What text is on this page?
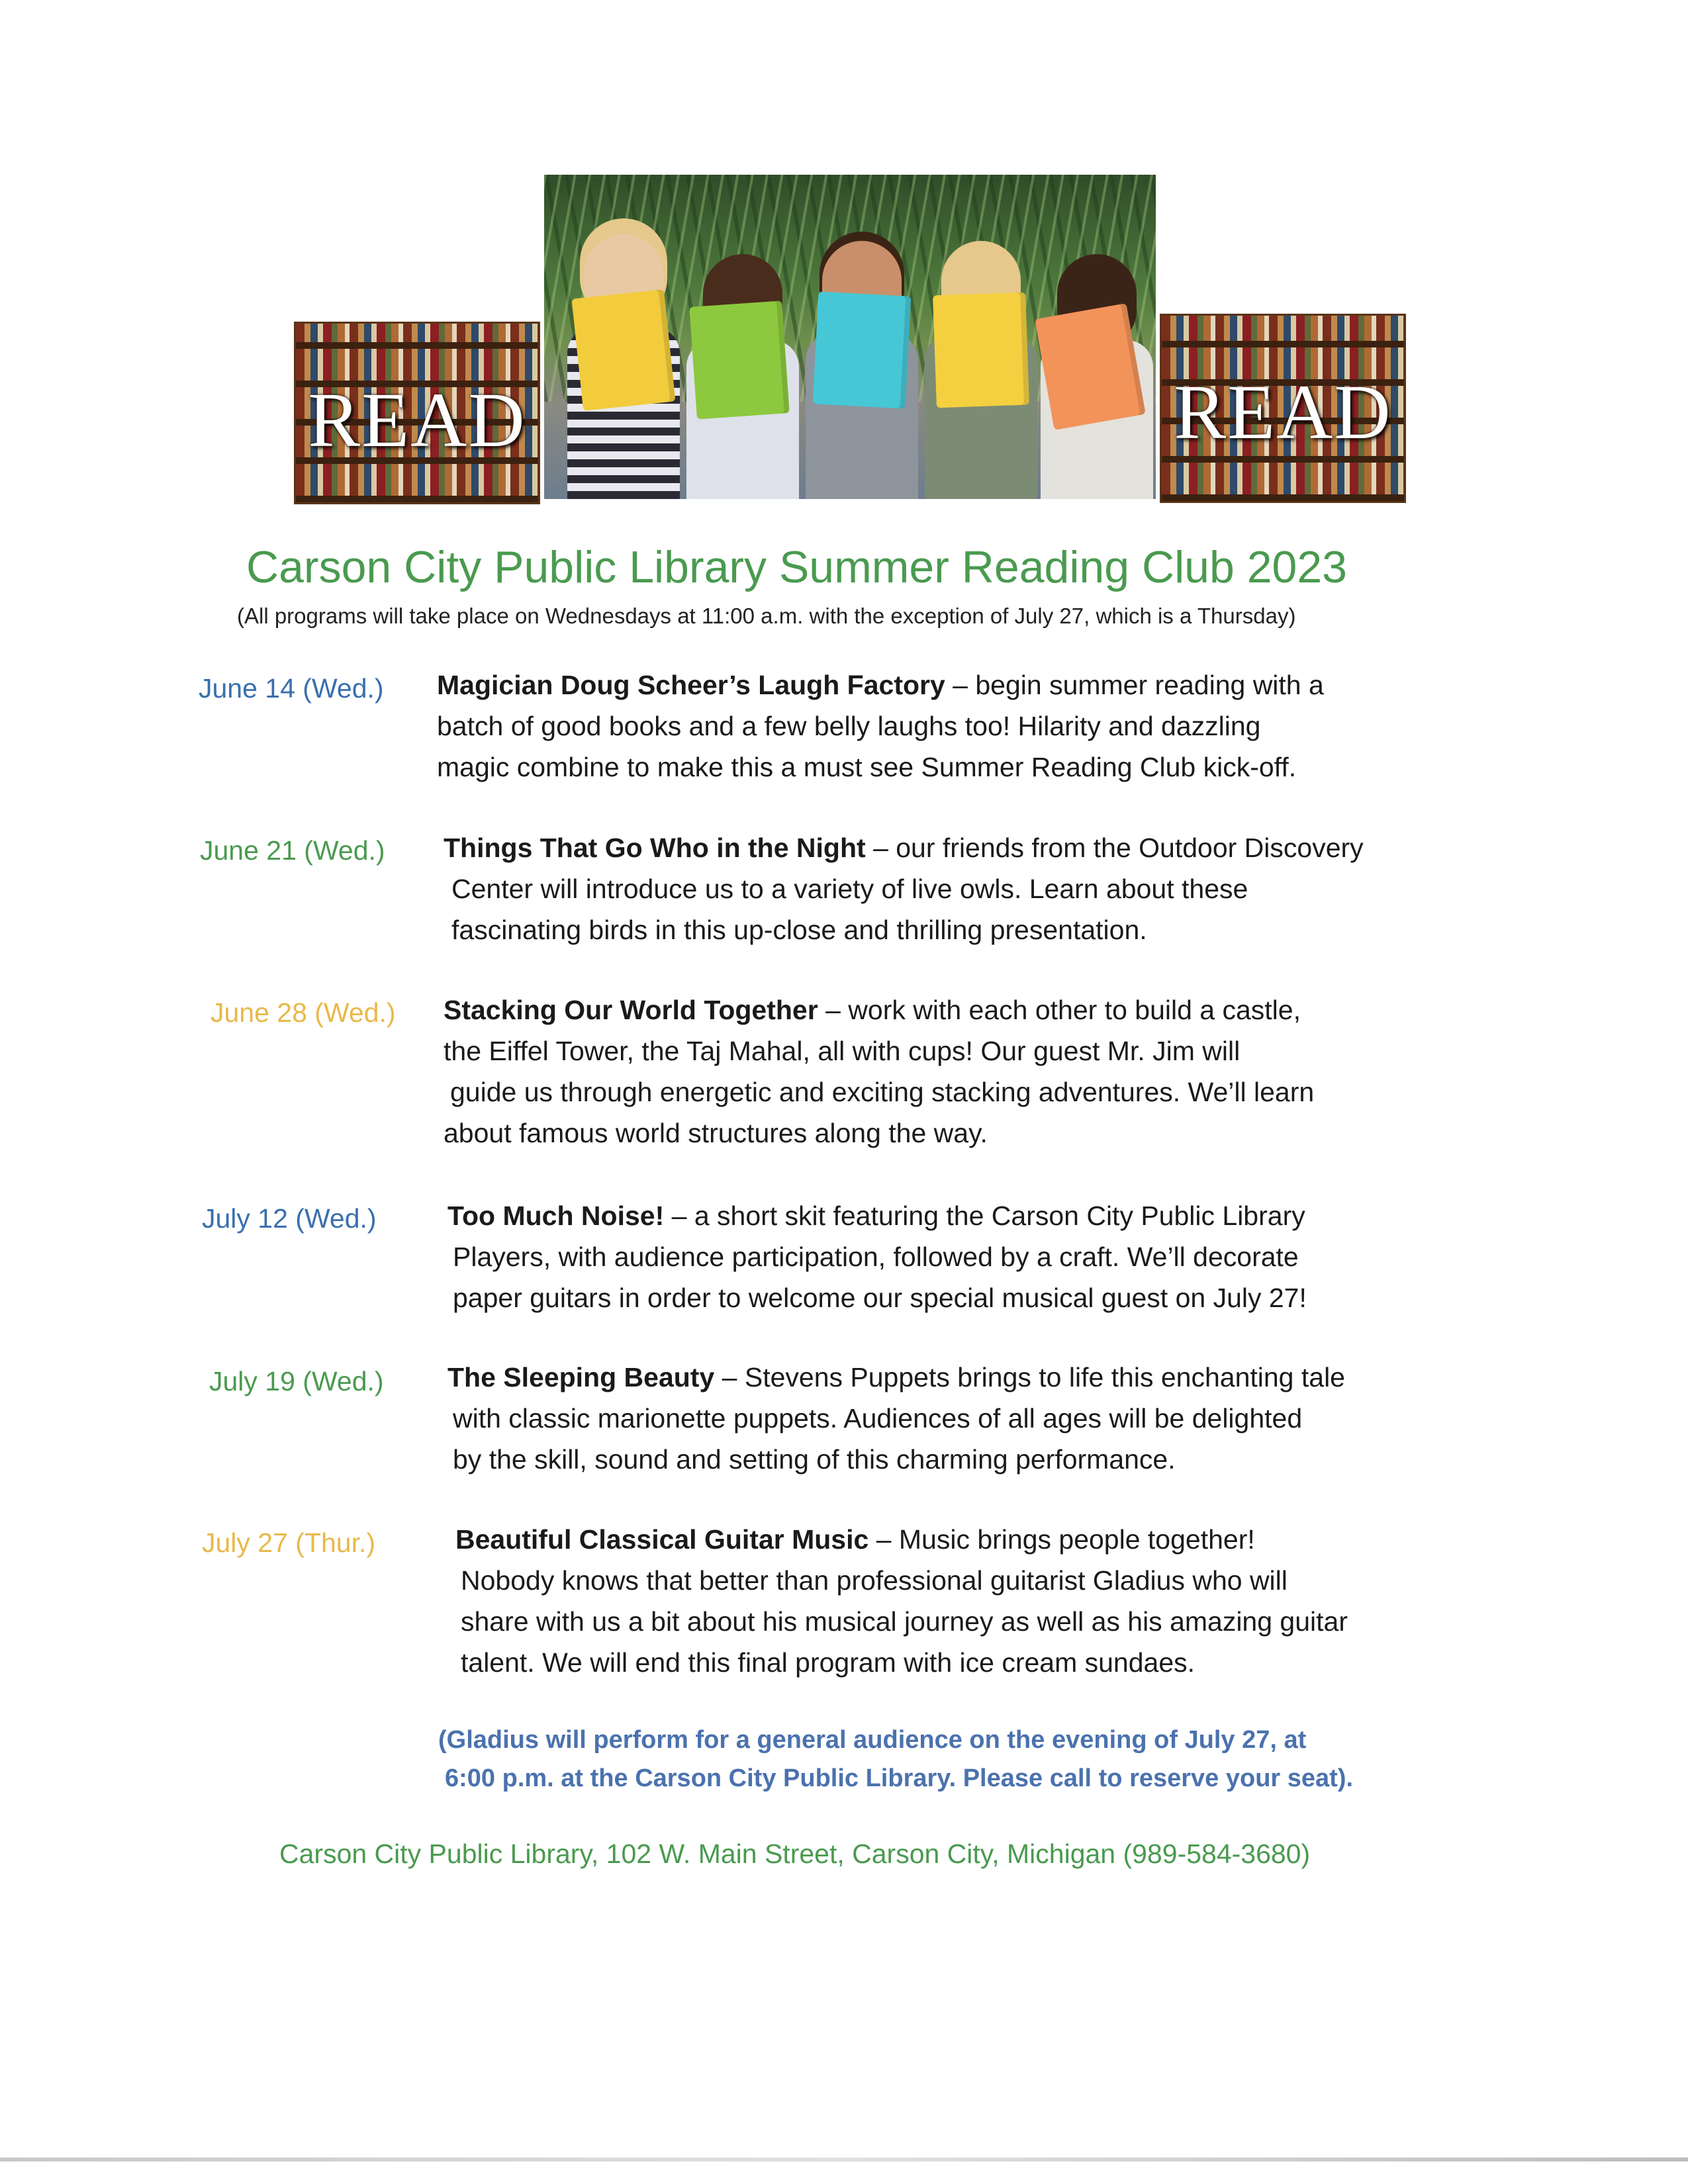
READ	READ
Carson City Public Library Summer Reading Club 2023
(All programs will take place on Wednesdays at 11:00 a.m. with the exception of July 27, which is a Thursday)
June 14 (Wed.) Magician Doug Scheer’s Laugh Factory – begin summer reading with a
batch of good books and a few belly laughs too! Hilarity and dazzling
magic combine to make this a must see Summer Reading Club kick-off.
June 21 (Wed.) Things That Go Who in the Night – our friends from the Outdoor Discovery
Center will introduce us to a variety of live owls. Learn about these
fascinating birds in this up-close and thrilling presentation.
June 28 (Wed.) Stacking Our World Together – work with each other to build a castle,
the Eiffel Tower, the Taj Mahal, all with cups! Our guest Mr. Jim will
guide us through energetic and exciting stacking adventures. We’ll learn
about famous world structures along the way.
July 12 (Wed.)	Too Much Noise! – a short skit featuring the Carson City Public Library
Players, with audience participation, followed by a craft. We’ll decorate
paper guitars in order to welcome our special musical guest on July 27!
July 19 (Wed.) The Sleeping Beauty – Stevens Puppets brings to life this enchanting tale
with classic marionette puppets. Audiences of all ages will be delighted
by the skill, sound and setting of this charming performance.
July 27 (Thur.)	Beautiful Classical Guitar Music – Music brings people together!
Nobody knows that better than professional guitarist Gladius who will
share with us a bit about his musical journey as well as his amazing guitar
talent. We will end this final program with ice cream sundaes.
(Gladius will perform for a general audience on the evening of July 27, at
6:00 p.m. at the Carson City Public Library. Please call to reserve your seat).
Carson City Public Library, 102 W. Main Street, Carson City, Michigan (989-584-3680)
